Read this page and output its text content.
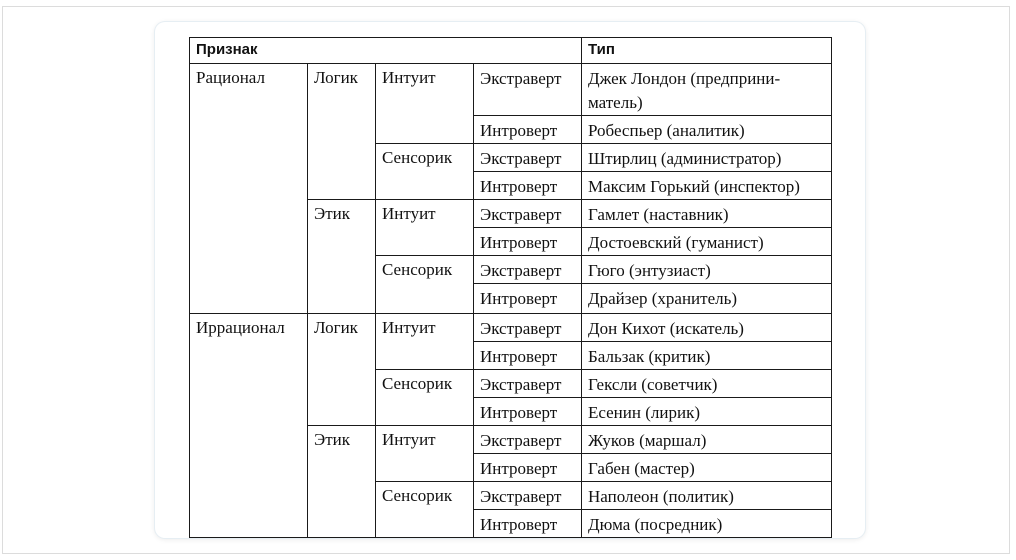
Признак				Тип
Рационал	Логик	Интуит	Экстраверт	Джек Лондон (предприни-матель)
			Интроверт	Робеспьер (аналитик)
		Сенсорик	Экстраверт	Штирлиц (администратор)
			Интроверт	Максим Горький (инспектор)
	Этик	Интуит	Экстраверт	Гамлет (наставник)
			Интроверт	Достоевский (гуманист)
		Сенсорик	Экстраверт	Гюго (энтузиаст)
			Интроверт	Драйзер (хранитель)
Иррационал	Логик	Интуит	Экстраверт	Дон Кихот (искатель)
			Интроверт	Бальзак (критик)
		Сенсорик	Экстраверт	Гексли (советчик)
			Интроверт	Есенин (лирик)
	Этик	Интуит	Экстраверт	Жуков (маршал)
			Интроверт	Габен (мастер)
		Сенсорик	Экстраверт	Наполеон (политик)
			Интроверт	Дюма (посредник)
